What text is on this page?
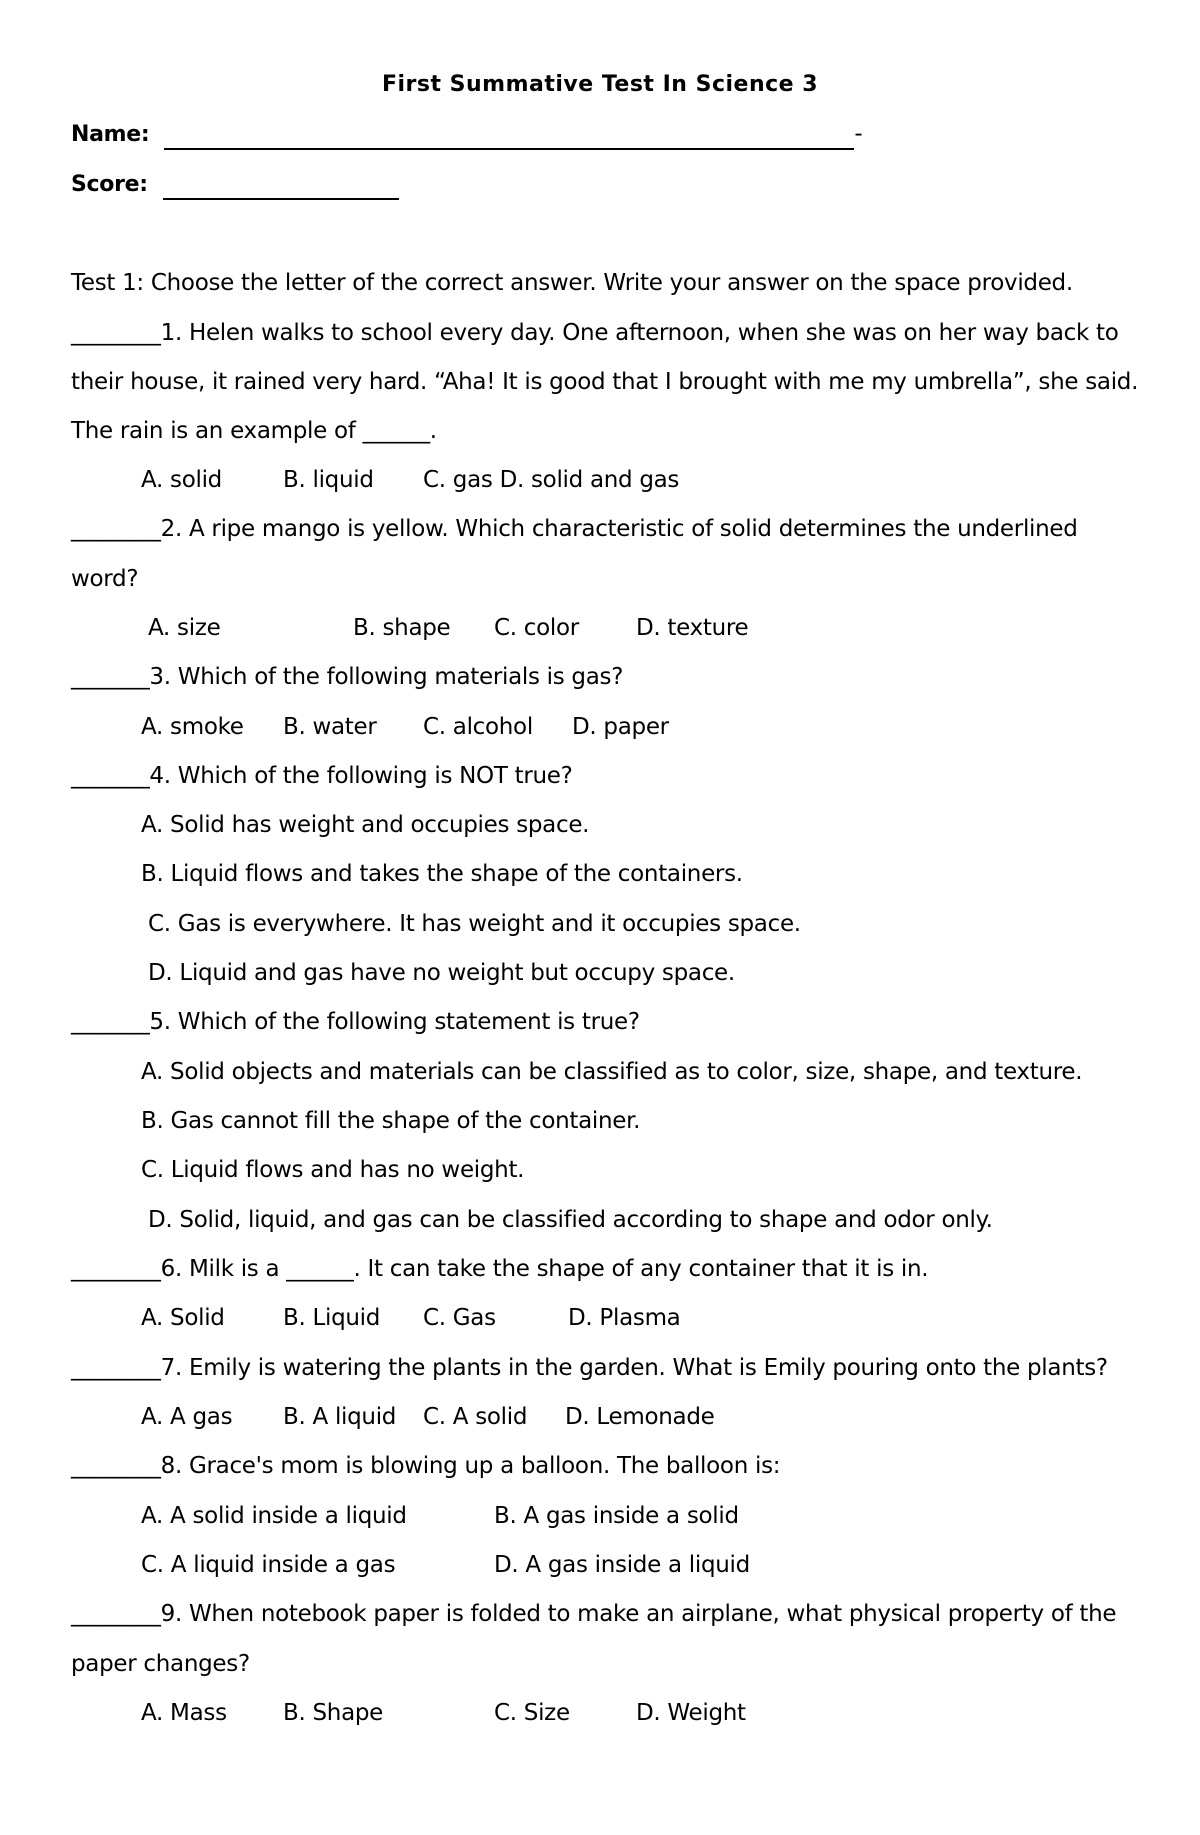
First Summative Test In Science 3
Name:	-
Score:
Test 1: Choose the letter of the correct answer. Write your answer on the space provided.
________1. Helen walks to school every day. One afternoon, when she was on her way back to
their house, it rained very hard. “Aha! It is good that I brought with me my umbrella”, she said.
The rain is an example of ______.
A. solid	B. liquid C. gas D. solid and gas
________2. A ripe mango is yellow. Which characteristic of solid determines the underlined
word?
A. size	B. shape C. color D. texture
_______3. Which of the following materials is gas?
A. smoke B. water C. alcohol D. paper
_______4. Which of the following is NOT true?
A. Solid has weight and occupies space.
B. Liquid flows and takes the shape of the containers.
C. Gas is everywhere. It has weight and it occupies space.
D. Liquid and gas have no weight but occupy space.
_______5. Which of the following statement is true?
A. Solid objects and materials can be classified as to color, size, shape, and texture.
B. Gas cannot fill the shape of the container.
C. Liquid flows and has no weight.
D. Solid, liquid, and gas can be classified according to shape and odor only.
________6. Milk is a ______. It can take the shape of any container that it is in.
A. Solid	B. Liquid C. Gas	D. Plasma
________7. Emily is watering the plants in the garden. What is Emily pouring onto the plants?
A. A gas B. A liquid C. A solid D. Lemonade
________8. Grace's mom is blowing up a balloon. The balloon is:
A. A solid inside a liquid	B. A gas inside a solid
C. A liquid inside a gas	D. A gas inside a liquid
________9. When notebook paper is folded to make an airplane, what physical property of the
paper changes?
A. Mass B. Shape	C. Size	D. Weight
